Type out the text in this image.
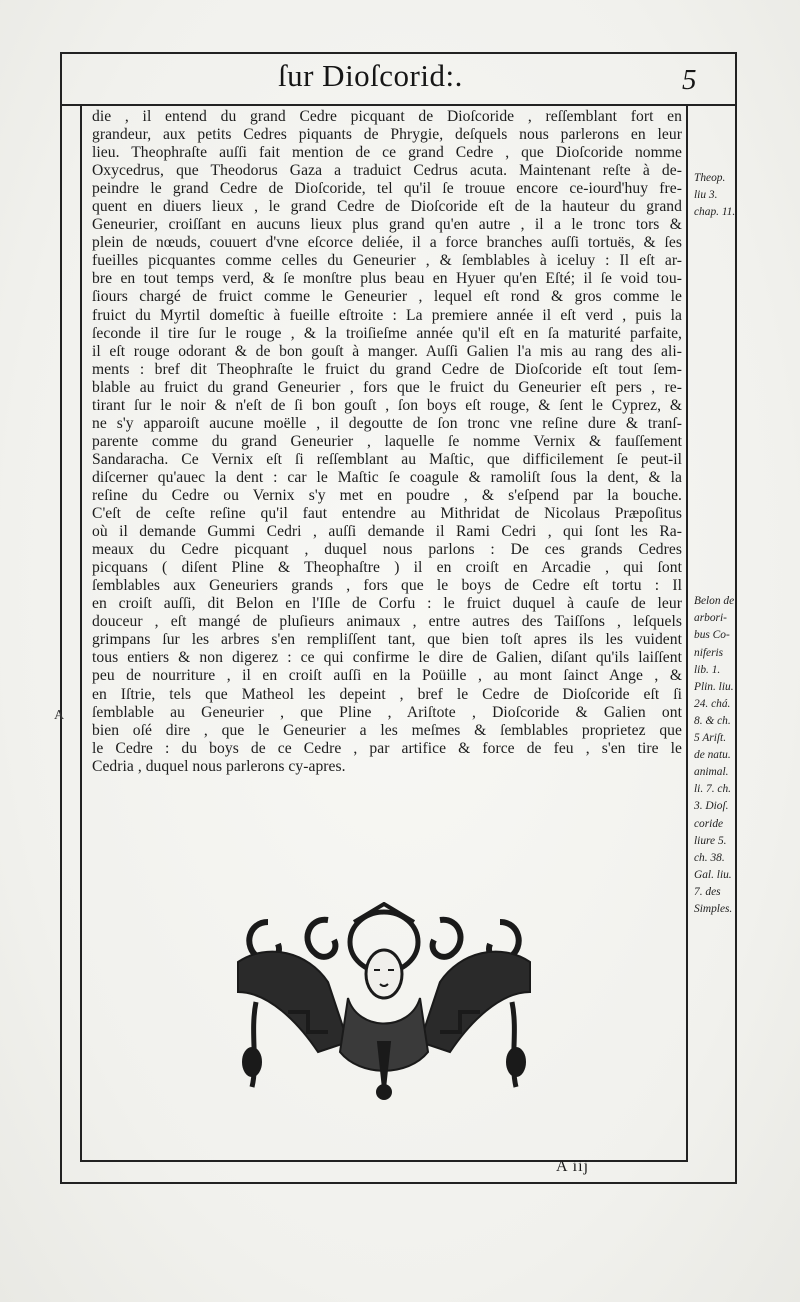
ſur Dioſcorid:.	5
die , il entend du grand Cedre picquant de Dioſcoride , reſſemblant fort en
grandeur, aux petits Cedres piquants de Phrygie, deſquels nous parlerons en leur
lieu. Theophraſte auſſi fait mention de ce grand Cedre , que Dioſcoride nomme
Oxycedrus, que Theodorus Gaza a traduict Cedrus acuta. Maintenant reſte à de-
peindre le grand Cedre de Dioſcoride, tel qu'il ſe trouue encore ce-iourd'huy fre-
quent en diuers lieux , le grand Cedre de Dioſcoride eſt de la hauteur du grand
Geneurier, croiſſant en aucuns lieux plus grand qu'en autre , il a le tronc tors &
plein de nœuds, couuert d'vne eſcorce deliée, il a force branches auſſi tortuës, & ſes
fueilles picquantes comme celles du Geneurier , & ſemblables à iceluy : Il eſt ar-
bre en tout temps verd, & ſe monſtre plus beau en Hyuer qu'en Eſté; il ſe void tou-
ſiours chargé de fruict comme le Geneurier , lequel eſt rond & gros comme le
fruict du Myrtil domeſtic à fueille eſtroite : La premiere année il eſt verd , puis la
ſeconde il tire ſur le rouge , & la troiſieſme année qu'il eſt en ſa maturité parfaite,
il eſt rouge odorant & de bon gouſt à manger. Auſſi Galien l'a mis au rang des ali-
ments : bref dit Theophraſte le fruict du grand Cedre de Dioſcoride eſt tout ſem-
blable au fruict du grand Geneurier , fors que le fruict du Geneurier eſt pers , re-
tirant ſur le noir & n'eſt de ſi bon gouſt , ſon boys eſt rouge, & ſent le Cyprez, &
ne s'y apparoiſt aucune moëlle , il degoutte de ſon tronc vne reſine dure & tranſ-
parente comme du grand Geneurier , laquelle ſe nomme Vernix & fauſſement
Sandaracha. Ce Vernix eſt ſi reſſemblant au Maſtic, que difficilement ſe peut-il
diſcerner qu'auec la dent : car le Maſtic ſe coagule & ramoliſt ſous la dent, & la
reſine du Cedre ou Vernix s'y met en poudre , & s'eſpend par la bouche.
C'eſt de ceſte reſine qu'il faut entendre au Mithridat de Nicolaus Præpoſitus
où il demande Gummi Cedri , auſſi demande il Rami Cedri , qui ſont les Ra-
meaux du Cedre picquant , duquel nous parlons : De ces grands Cedres
picquans ( diſent Pline & Theophaſtre ) il en croiſt en Arcadie , qui ſont
ſemblables aux Geneuriers grands , fors que le boys de Cedre eſt tortu : Il
en croiſt auſſi, dit Belon en l'Iſle de Corfu : le fruict duquel à cauſe de leur
douceur , eſt mangé de pluſieurs animaux , entre autres des Taiſſons , leſquels
grimpans ſur les arbres s'en rempliſſent tant, que bien toſt apres ils les vuident
tous entiers & non digerez : ce qui confirme le dire de Galien, diſant qu'ils laiſſent
peu de nourriture , il en croiſt auſſi en la Poüille , au mont ſainct Ange , &
en Iſtrie, tels que Matheol les depeint , bref le Cedre de Dioſcoride eſt ſi
ſemblable au Geneurier , que Pline , Ariſtote , Dioſcoride & Galien ont
bien oſé dire , que le Geneurier a les meſmes & ſemblables proprietez que
le Cedre : du boys de ce Cedre , par artifice & force de feu , s'en tire le
Cedria , duquel nous parlerons cy-apres.
A
Theop.
liu 3.
chap. 11.
Belon de
arbori-
bus Co-
niferis
lib. 1.
Plin. liu.
24. chá.
8. & ch.
5 Ariſt.
de natu.
animal.
li. 7. ch.
3. Dioſ.
coride
liure 5.
ch. 38.
Gal. liu.
7. des
Simples.
A iij
